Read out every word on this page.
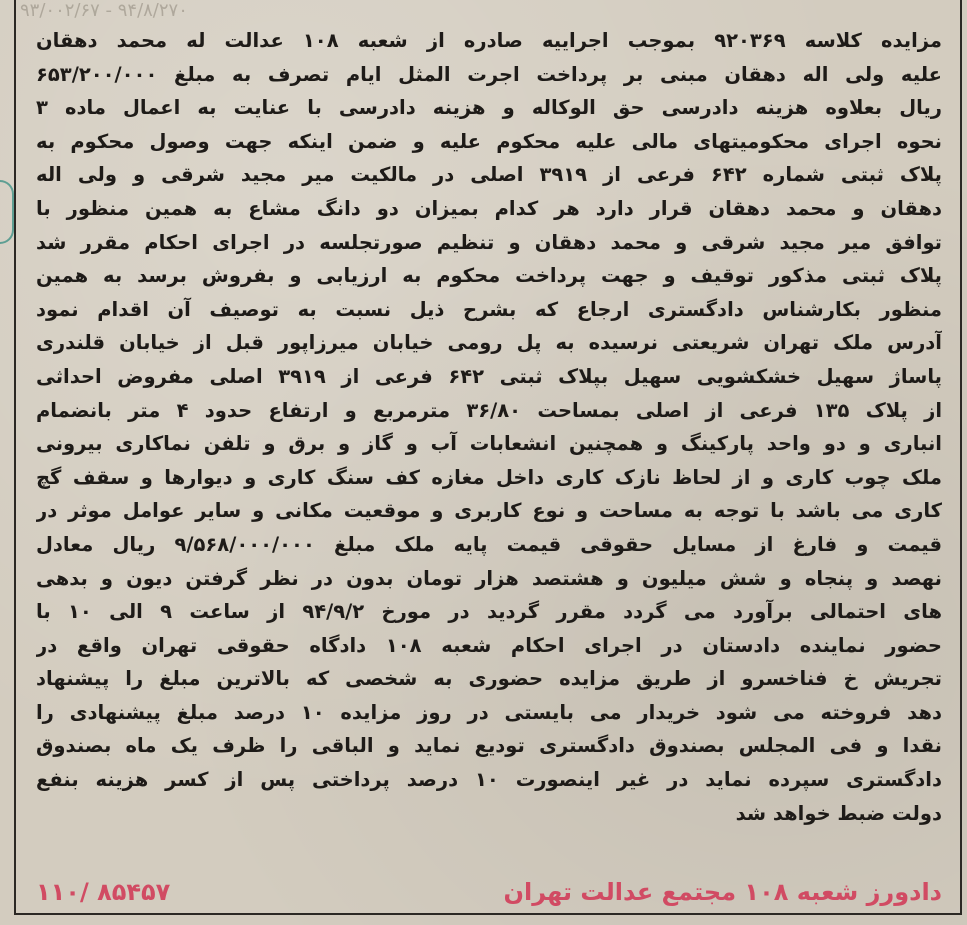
۹۳/۰۰۲/۶۷ - ۹۴/۸/۲۷۰
مزایده کلاسه ۹۲۰۳۶۹ بموجب اجراییه صادره از شعبه ۱۰۸ عدالت له محمد دهقان
علیه ولی اله دهقان مبنی بر پرداخت اجرت المثل ایام تصرف به مبلغ ۶۵۳/۲۰۰/۰۰۰
ریال بعلاوه هزینه دادرسی حق الوکاله و هزینه دادرسی با عنایت به اعمال ماده ۳
نحوه اجرای محکومیتهای مالی علیه محکوم علیه و ضمن اینکه جهت وصول محکوم به
پلاک ثبتی شماره ۶۴۲ فرعی از ۳۹۱۹ اصلی در مالکیت میر مجید شرقی و ولی اله
دهقان و محمد دهقان قرار دارد هر کدام بمیزان دو دانگ مشاع به همین منظور با
توافق میر مجید شرقی و محمد دهقان و تنظیم صورتجلسه در اجرای احکام مقرر شد
پلاک ثبتی مذکور توقیف و جهت پرداخت محکوم به ارزیابی و بفروش برسد به همین
منظور بکارشناس دادگستری ارجاع که بشرح ذیل نسبت به توصیف آن اقدام نمود
آدرس ملک تهران شریعتی نرسیده به پل رومی خیابان میرزاپور قبل از خیابان قلندری
پاساژ سهیل خشکشویی سهیل بپلاک ثبتی ۶۴۲ فرعی از ۳۹۱۹ اصلی مفروض احداثی
از پلاک ۱۳۵ فرعی از اصلی بمساحت ۳۶/۸۰ مترمربع و ارتفاع حدود ۴ متر بانضمام
انباری و دو واحد پارکینگ و همچنین انشعابات آب و گاز و برق و تلفن نماکاری بیرونی
ملک چوب کاری و از لحاظ نازک کاری داخل مغازه کف سنگ کاری و دیوارها و سقف گچ
کاری می باشد با توجه به مساحت و نوع کاربری و موقعیت مکانی و سایر عوامل موثر در
قیمت و فارغ از مسایل حقوقی قیمت پایه ملک مبلغ ۹/۵۶۸/۰۰۰/۰۰۰ ریال معادل
نهصد و پنجاه و شش میلیون و هشتصد هزار تومان بدون در نظر گرفتن دیون و بدهی
های احتمالی برآورد می گردد مقرر گردید در مورخ ۹۴/۹/۲ از ساعت ۹ الی ۱۰ با
حضور نماینده دادستان در اجرای احکام شعبه ۱۰۸ دادگاه حقوقی تهران واقع در
تجریش خ فناخسرو از طریق مزایده حضوری به شخصی که بالاترین مبلغ را پیشنهاد
دهد فروخته می شود خریدار می بایستی در روز مزایده ۱۰ درصد مبلغ پیشنهادی را
نقدا و فی المجلس بصندوق دادگستری تودیع نماید و الباقی را ظرف یک ماه بصندوق
دادگستری سپرده نماید در غیر اینصورت ۱۰ درصد پرداختی پس از کسر هزینه بنفع
دولت ضبط خواهد شد
دادورز شعبه ۱۰۸ مجتمع عدالت تهران
۱۱۰/ ۸۵۴۵۷
